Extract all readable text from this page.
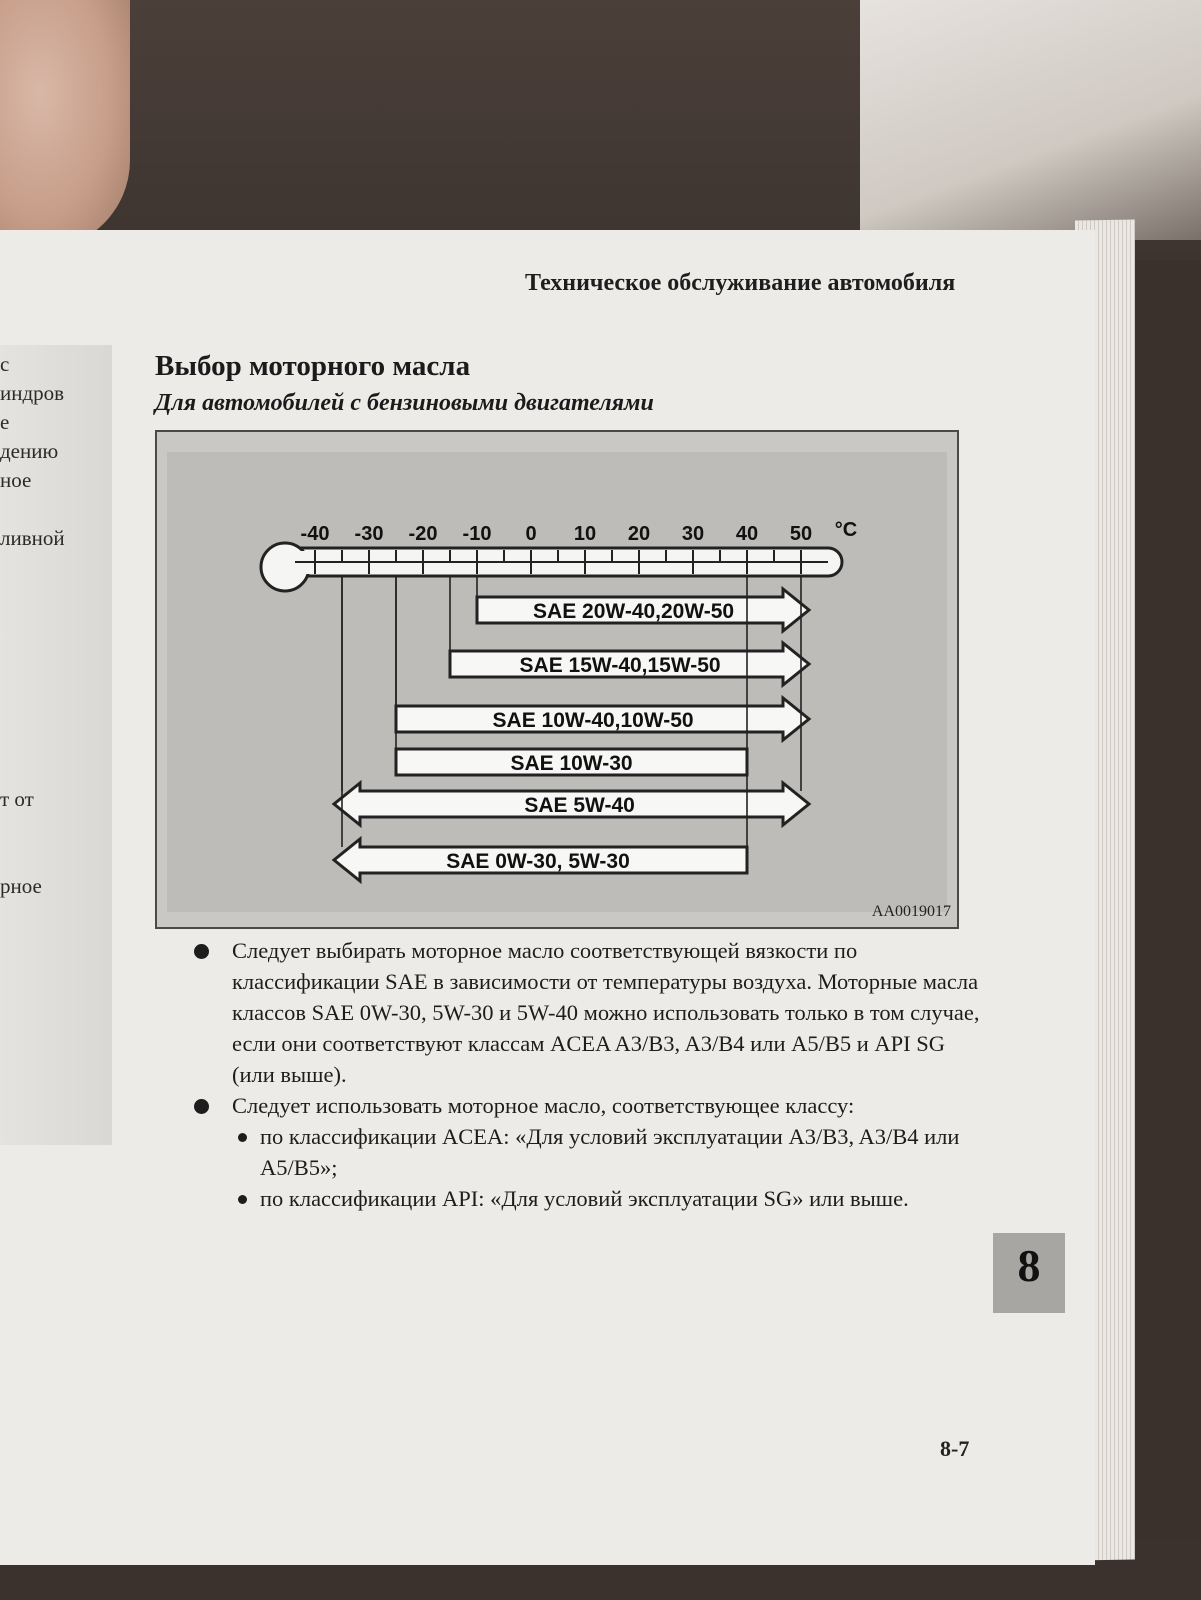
с
индров
е
дению
ное

ливной

т от

рное
Техническое обслуживание автомобиля
Выбор моторного масла
Для автомобилей с бензиновыми двигателями
-40 -30 -20 -10 0 10 20 30 40 50 °C
SAE 20W-40,20W-50
SAE 15W-40,15W-50
SAE 10W-40,10W-50
SAE 10W-30
SAE 5W-40
SAE 0W-30, 5W-30
AA0019017
Следует выбирать моторное масло соответствующей вязкости по классификации SAE в зависимости от температуры воздуха. Моторные масла классов SAE 0W-30, 5W-30 и 5W-40 можно использовать только в том случае, если они соответствуют классам ACEA A3/B3, A3/B4 или A5/B5 и API SG (или выше).
Следует использовать моторное масло, соответствующее классу:
по классификации ACEA: «Для условий эксплуатации A3/B3, A3/B4 или A5/B5»;
по классификации API: «Для условий эксплуатации SG» или выше.
8
8-7
